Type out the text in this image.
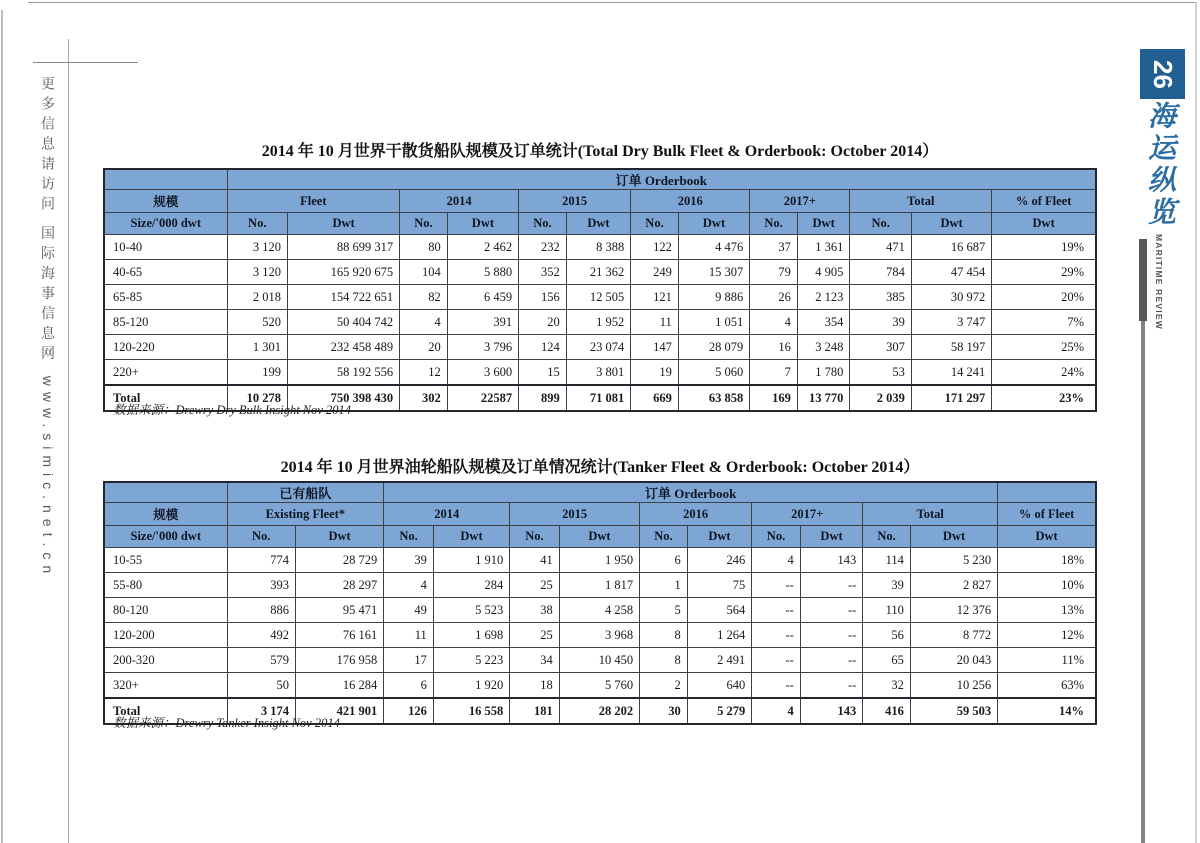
更多信息请访问 国际海事信息网 www.simic.net.cn
26
海运纵览 MARITIME REVIEW
2014 年 10 月世界干散货船队规模及订单统计(Total Dry Bulk Fleet & Orderbook: October 2014）
	订单 Orderbook												
规模	Fleet		2014		2015		2016		2017+		Total		% of Fleet
Size/'000 dwt	No.	Dwt	No.	Dwt	No.	Dwt	No.	Dwt	No.	Dwt	No.	Dwt	Dwt
10-40	3 120	88 699 317	80	2 462	232	8 388	122	4 476	37	1 361	471	16 687	19%
40-65	3 120	165 920 675	104	5 880	352	21 362	249	15 307	79	4 905	784	47 454	29%
65-85	2 018	154 722 651	82	6 459	156	12 505	121	9 886	26	2 123	385	30 972	20%
85-120	520	50 404 742	4	391	20	1 952	11	1 051	4	354	39	3 747	7%
120-220	1 301	232 458 489	20	3 796	124	23 074	147	28 079	16	3 248	307	58 197	25%
220+	199	58 192 556	12	3 600	15	3 801	19	5 060	7	1 780	53	14 241	24%
Total	10 278	750 398 430	302	22587	899	71 081	669	63 858	169	13 770	2 039	171 297	23%
数据来源：Drewry Dry Bulk Insight Nov 2014
2014 年 10 月世界油轮船队规模及订单情况统计(Tanker Fleet & Orderbook: October 2014）
	已有船队		订单 Orderbook										
规模	Existing Fleet*		2014		2015		2016		2017+		Total		% of Fleet
Size/'000 dwt	No.	Dwt	No.	Dwt	No.	Dwt	No.	Dwt	No.	Dwt	No.	Dwt	Dwt
10-55	774	28 729	39	1 910	41	1 950	6	246	4	143	114	5 230	18%
55-80	393	28 297	4	284	25	1 817	1	75	--	--	39	2 827	10%
80-120	886	95 471	49	5 523	38	4 258	5	564	--	--	110	12 376	13%
120-200	492	76 161	11	1 698	25	3 968	8	1 264	--	--	56	8 772	12%
200-320	579	176 958	17	5 223	34	10 450	8	2 491	--	--	65	20 043	11%
320+	50	16 284	6	1 920	18	5 760	2	640	--	--	32	10 256	63%
Total	3 174	421 901	126	16 558	181	28 202	30	5 279	4	143	416	59 503	14%
数据来源：Drewry Tanker Insight Nov 2014
